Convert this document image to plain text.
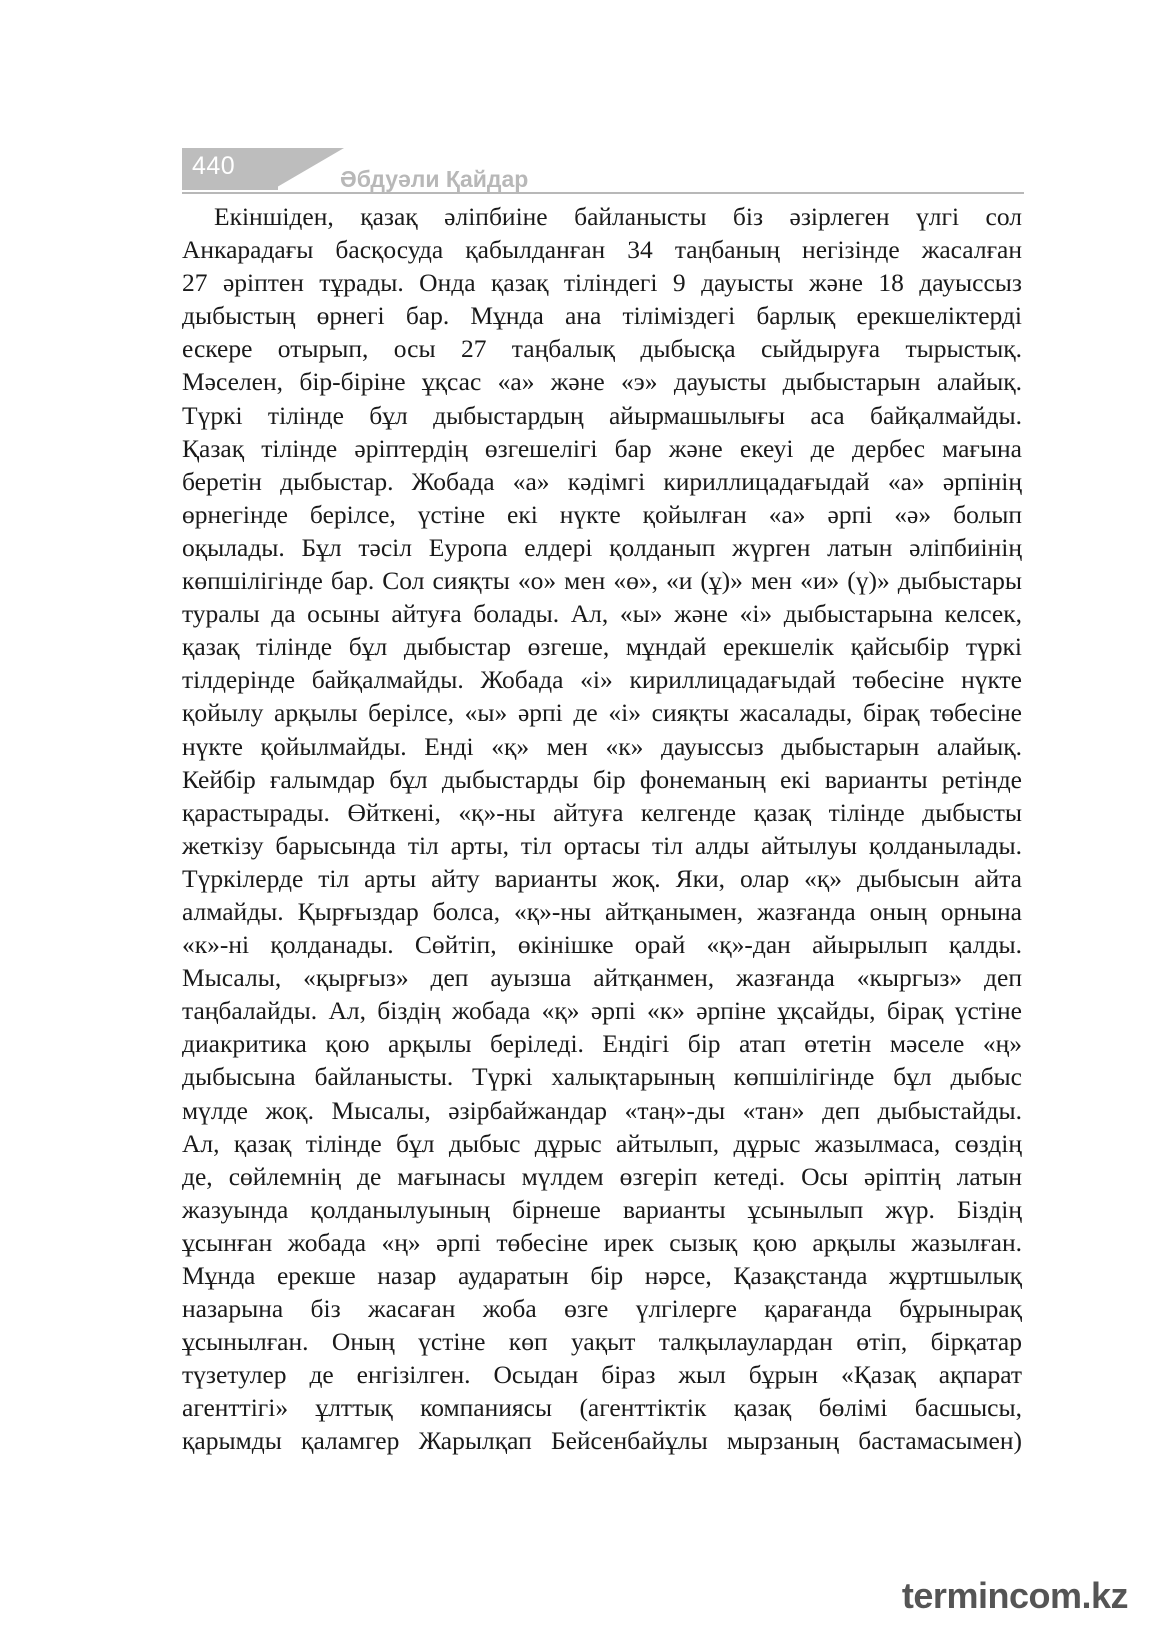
440	Әбдуәли Қайдар
Екіншіден, қазақ әліпбиіне байланысты біз әзірлеген үлгі сол
Анкарадағы басқосуда қабылданған 34 таңбаның негізінде жасалған
27 әріптен тұрады. Онда қазақ тіліндегі 9 дауысты және 18 дауыссыз
дыбыстың өрнегі бар. Мұнда ана тіліміздегі барлық ерекшеліктерді
ескере отырып, осы 27 таңбалық дыбысқа сыйдыруға тырыстық.
Мәселен, бір-біріне ұқсас «а» және «э» дауысты дыбыстарын алайық.
Түркі тілінде бұл дыбыстардың айырмашылығы аса байқалмайды.
Қазақ тілінде әріптердің өзгешелігі бар және екеуі де дербес мағына
беретін дыбыстар. Жобада «а» кәдімгі кириллицадағыдай «а» әрпінің
өрнегінде берілсе, үстіне екі нүкте қойылған «а» әрпі «ә» болып
оқылады. Бұл тәсіл Еуропа елдері қолданып жүрген латын әліпбиінің
көпшілігінде бар. Сол сияқты «о» мен «ө», «и (ұ)» мен «и» (ү)» дыбыстары
туралы да осыны айтуға болады. Ал, «ы» және «і» дыбыстарына келсек,
қазақ тілінде бұл дыбыстар өзгеше, мұндай ерекшелік қайсыбір түркі
тілдерінде байқалмайды. Жобада «і» кириллицадағыдай төбесіне нүкте
қойылу арқылы берілсе, «ы» әрпі де «і» сияқты жасалады, бірақ төбесіне
нүкте қойылмайды. Енді «қ» мен «к» дауыссыз дыбыстарын алайық.
Кейбір ғалымдар бұл дыбыстарды бір фонеманың екі варианты ретінде
қарастырады. Өйткені, «қ»-ны айтуға келгенде қазақ тілінде дыбысты
жеткізу барысында тіл арты, тіл ортасы тіл алды айтылуы қолданылады.
Түркілерде тіл арты айту варианты жоқ. Яки, олар «қ» дыбысын айта
алмайды. Қырғыздар болса, «қ»-ны айтқанымен, жазғанда оның орнына
«к»-ні қолданады. Сөйтіп, өкінішке орай «қ»-дан айырылып қалды.
Мысалы, «қырғыз» деп ауызша айтқанмен, жазғанда «кыргыз» деп
таңбалайды. Ал, біздің жобада «қ» әрпі «к» әрпіне ұқсайды, бірақ үстіне
диакритика қою арқылы беріледі. Ендігі бір атап өтетін мәселе «ң»
дыбысына байланысты. Түркі халықтарының көпшілігінде бұл дыбыс
мүлде жоқ. Мысалы, әзірбайжандар «таң»-ды «тан» деп дыбыстайды.
Ал, қазақ тілінде бұл дыбыс дұрыс айтылып, дұрыс жазылмаса, сөздің
де, сөйлемнің де мағынасы мүлдем өзгеріп кетеді. Осы әріптің латын
жазуында қолданылуының бірнеше варианты ұсынылып жүр. Біздің
ұсынған жобада «ң» әрпі төбесіне ирек сызық қою арқылы жазылған.
Мұнда ерекше назар аударатын бір нәрсе, Қазақстанда жұртшылық
назарына біз жасаған жоба өзге үлгілерге қарағанда бұрынырақ
ұсынылған. Оның үстіне көп уақыт талқылаулардан өтіп, бірқатар
түзетулер де енгізілген. Осыдан біраз жыл бұрын «Қазақ ақпарат
агенттігі» ұлттық компаниясы (агенттіктік қазақ бөлімі басшысы,
қарымды қаламгер Жарылқап Бейсенбайұлы мырзаның бастамасымен)
termincom.kz
